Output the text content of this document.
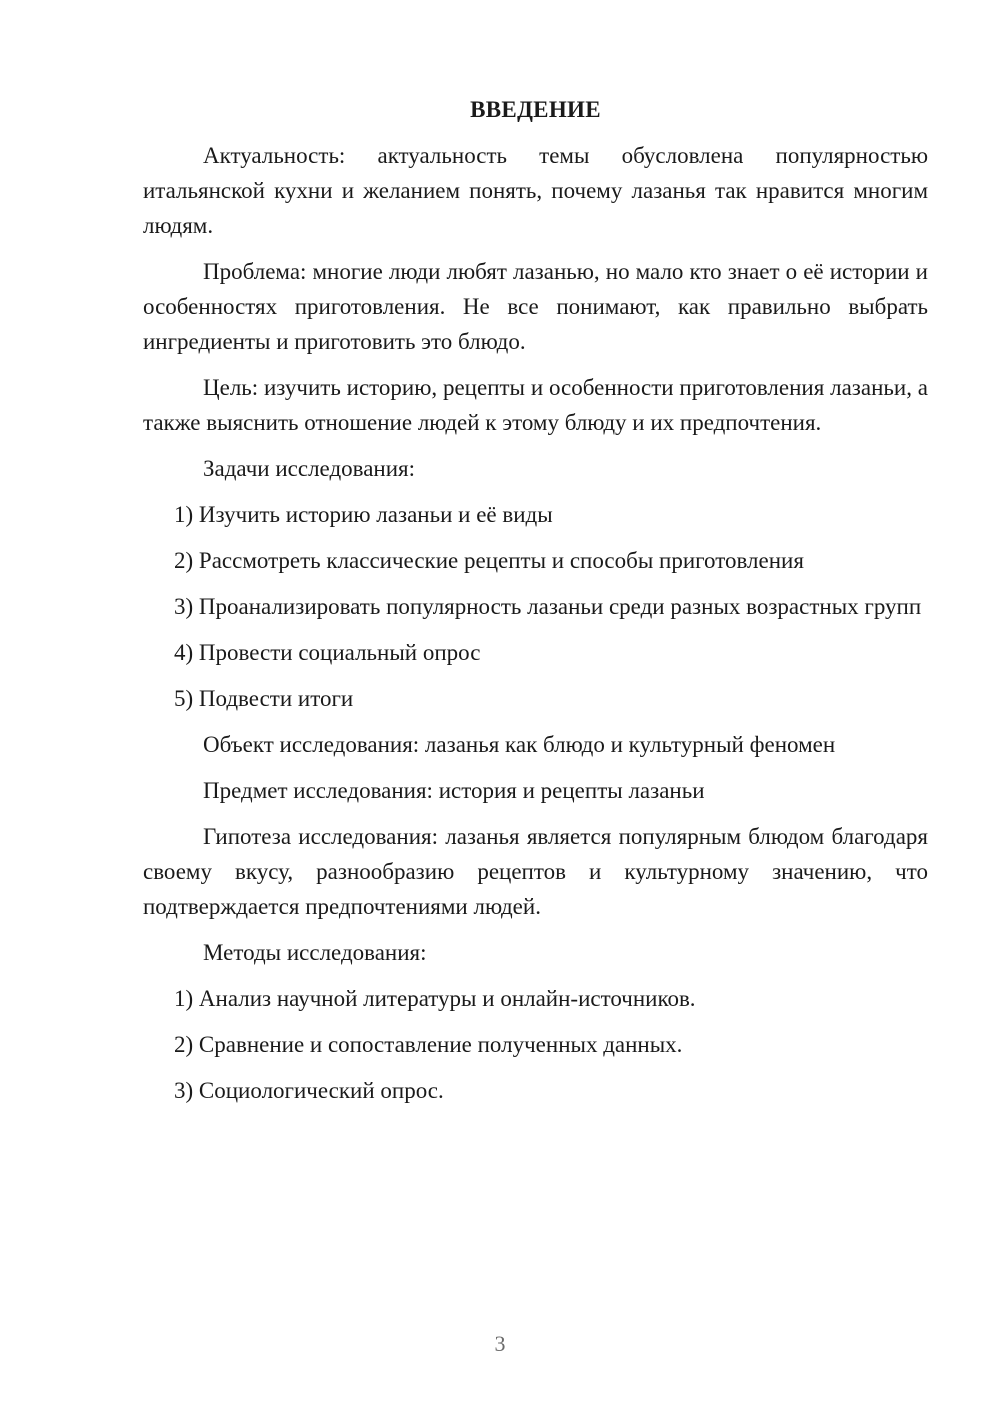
ВВЕДЕНИЕ

Актуальность: актуальность темы обусловлена популярностью итальянской кухни и желанием понять, почему лазанья так нравится многим людям.

Проблема: многие люди любят лазанью, но мало кто знает о её истории и особенностях приготовления. Не все понимают, как правильно выбрать ингредиенты и приготовить это блюдо.

Цель: изучить историю, рецепты и особенности приготовления лазаньи, а также выяснить отношение людей к этому блюду и их предпочтения.

Задачи исследования:

1) Изучить историю лазаньи и её виды

2) Рассмотреть классические рецепты и способы приготовления

3) Проанализировать популярность лазаньи среди разных возрастных групп

4) Провести социальный опрос

5) Подвести итоги

Объект исследования: лазанья как блюдо и культурный феномен

Предмет исследования: история и рецепты лазаньи

Гипотеза исследования: лазанья является популярным блюдом благодаря своему вкусу, разнообразию рецептов и культурному значению, что подтверждается предпочтениями людей.

Методы исследования:

1) Анализ научной литературы и онлайн-источников.

2) Сравнение и сопоставление полученных данных.

3) Социологический опрос.

3
